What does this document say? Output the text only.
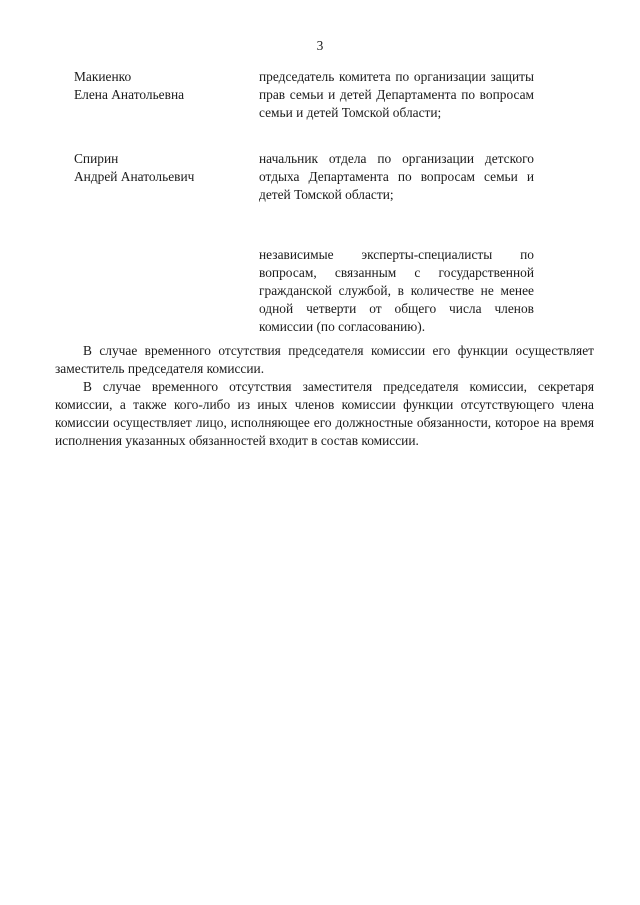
3
Макиенко
Елена Анатольевна
председатель комитета по организации защиты прав семьи и детей Департамента по вопросам семьи и детей Томской области;
Спирин
Андрей Анатольевич
начальник отдела по организации детского отдыха Департамента по вопросам семьи и детей Томской области;
независимые эксперты-специалисты по вопросам, связанным с государственной гражданской службой, в количестве не менее одной четверти от общего числа членов комиссии (по согласованию).

В случае временного отсутствия председателя комиссии его функции осуществляет заместитель председателя комиссии.

В случае временного отсутствия заместителя председателя комиссии, секретаря комиссии, а также кого-либо из иных членов комиссии функции отсутствующего члена комиссии осуществляет лицо, исполняющее его должностные обязанности, которое на время исполнения указанных обязанностей входит в состав комиссии.
